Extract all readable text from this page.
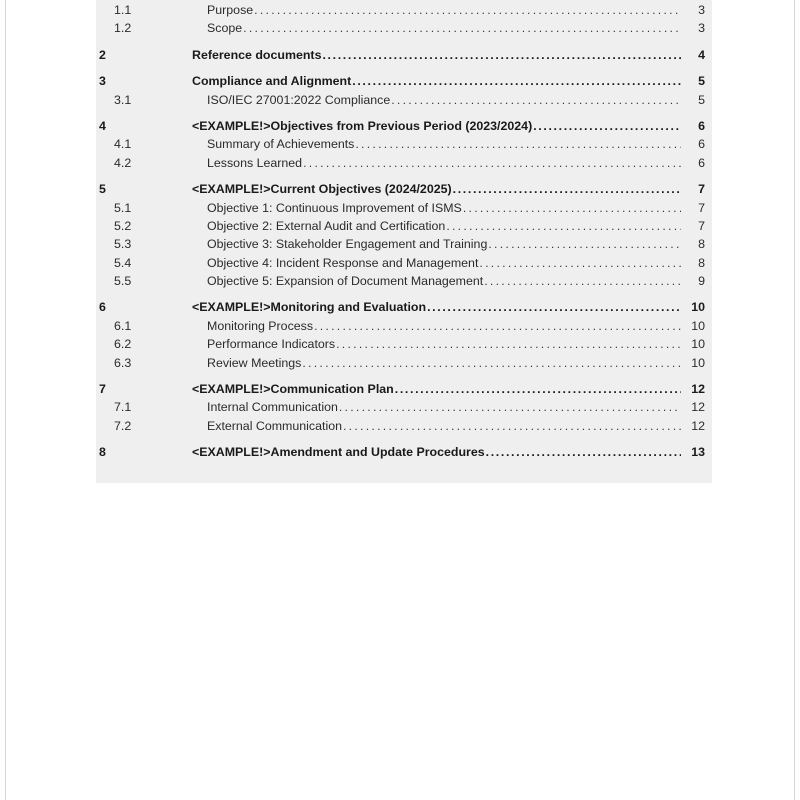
1.1	Purpose . . .	3
1.2	Scope . . .	3
2	Reference documents . . .	4
3	Compliance and Alignment . . .	5
3.1	ISO/IEC 27001:2022 Compliance . . .	5
4	<EXAMPLE!>Objectives from Previous Period (2023/2024) . . .	6
4.1	Summary of Achievements . . .	6
4.2	Lessons Learned . . .	6
5	<EXAMPLE!>Current Objectives (2024/2025) . . .	7
5.1	Objective 1: Continuous Improvement of ISMS . . .	7
5.2	Objective 2: External Audit and Certification . . .	7
5.3	Objective 3: Stakeholder Engagement and Training . . .	8
5.4	Objective 4: Incident Response and Management . . .	8
5.5	Objective 5: Expansion of Document Management . . .	9
6	<EXAMPLE!>Monitoring and Evaluation . . .	10
6.1	Monitoring Process . . .	10
6.2	Performance Indicators . . .	10
6.3	Review Meetings . . .	10
7	<EXAMPLE!>Communication Plan . . .	12
7.1	Internal Communication . . .	12
7.2	External Communication . . .	12
8	<EXAMPLE!>Amendment and Update Procedures . . .	13
